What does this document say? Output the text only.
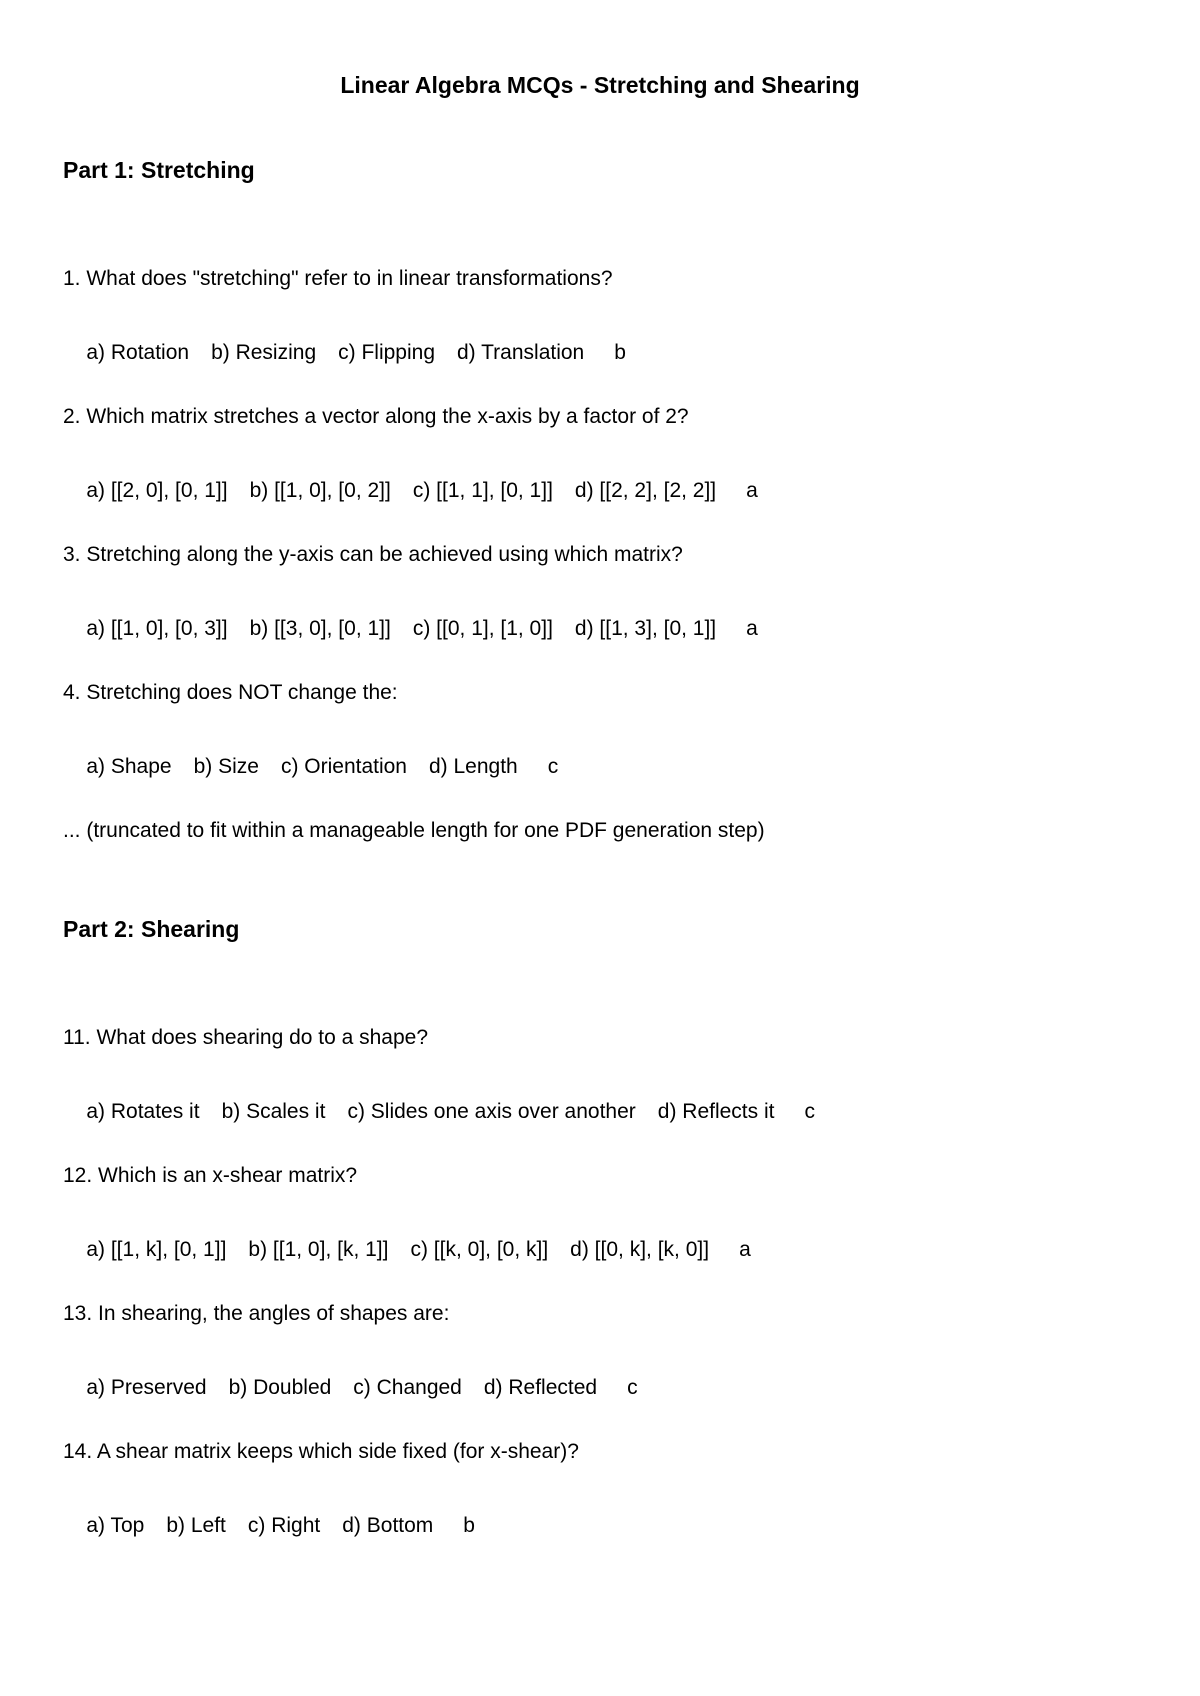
Linear Algebra MCQs - Stretching and Shearing
Part 1: Stretching
1. What does "stretching" refer to in linear transformations?

a) Rotation b) Resizing c) Flipping d) Translation b

2. Which matrix stretches a vector along the x-axis by a factor of 2?

a) [[2, 0], [0, 1]] b) [[1, 0], [0, 2]] c) [[1, 1], [0, 1]] d) [[2, 2], [2, 2]] a

3. Stretching along the y-axis can be achieved using which matrix?

a) [[1, 0], [0, 3]] b) [[3, 0], [0, 1]] c) [[0, 1], [1, 0]] d) [[1, 3], [0, 1]] a

4. Stretching does NOT change the:

a) Shape b) Size c) Orientation d) Length c

... (truncated to fit within a manageable length for one PDF generation step)
Part 2: Shearing
11. What does shearing do to a shape?

a) Rotates it b) Scales it c) Slides one axis over another d) Reflects it c

12. Which is an x-shear matrix?

a) [[1, k], [0, 1]] b) [[1, 0], [k, 1]] c) [[k, 0], [0, k]] d) [[0, k], [k, 0]] a

13. In shearing, the angles of shapes are:

a) Preserved b) Doubled c) Changed d) Reflected c

14. A shear matrix keeps which side fixed (for x-shear)?

a) Top b) Left c) Right d) Bottom b
